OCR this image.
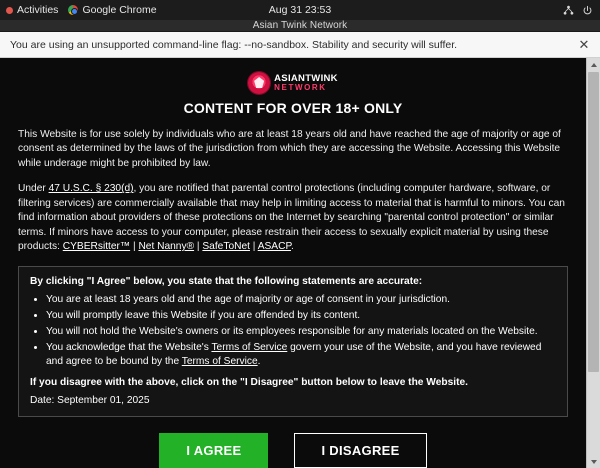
Activities Google Chrome	Aug 31 23:53
Asian Twink Network
You are using an unsupported command-line flag: --no-sandbox. Stability and security will suffer.	✕
ASIANTWINK
NETWORK
CONTENT FOR OVER 18+ ONLY

This Website is for use solely by individuals who are at least 18 years old and have reached the age of majority or age of consent as determined by the laws of the jurisdiction from which they are accessing the Website. Accessing this Website while underage might be prohibited by law.

Under 47 U.S.C. § 230(d), you are notified that parental control protections (including computer hardware, software, or filtering services) are commercially available that may help in limiting access to material that is harmful to minors. You can find information about providers of these protections on the Internet by searching "parental control protection" or similar terms. If minors have access to your computer, please restrain their access to sexually explicit material by using these products: CYBERsitter™ | Net Nanny® | SafeToNet | ASACP.

By clicking "I Agree" below, you state that the following statements are accurate:

• You are at least 18 years old and the age of majority or age of consent in your jurisdiction.
• You will promptly leave this Website if you are offended by its content.
• You will not hold the Website's owners or its employees responsible for any materials located on the Website.
• You acknowledge that the Website's Terms of Service govern your use of the Website, and you have reviewed and agree to be bound by the Terms of Service.

If you disagree with the above, click on the "I Disagree" button below to leave the Website.

Date: September 01, 2025

I AGREE	I DISAGREE
